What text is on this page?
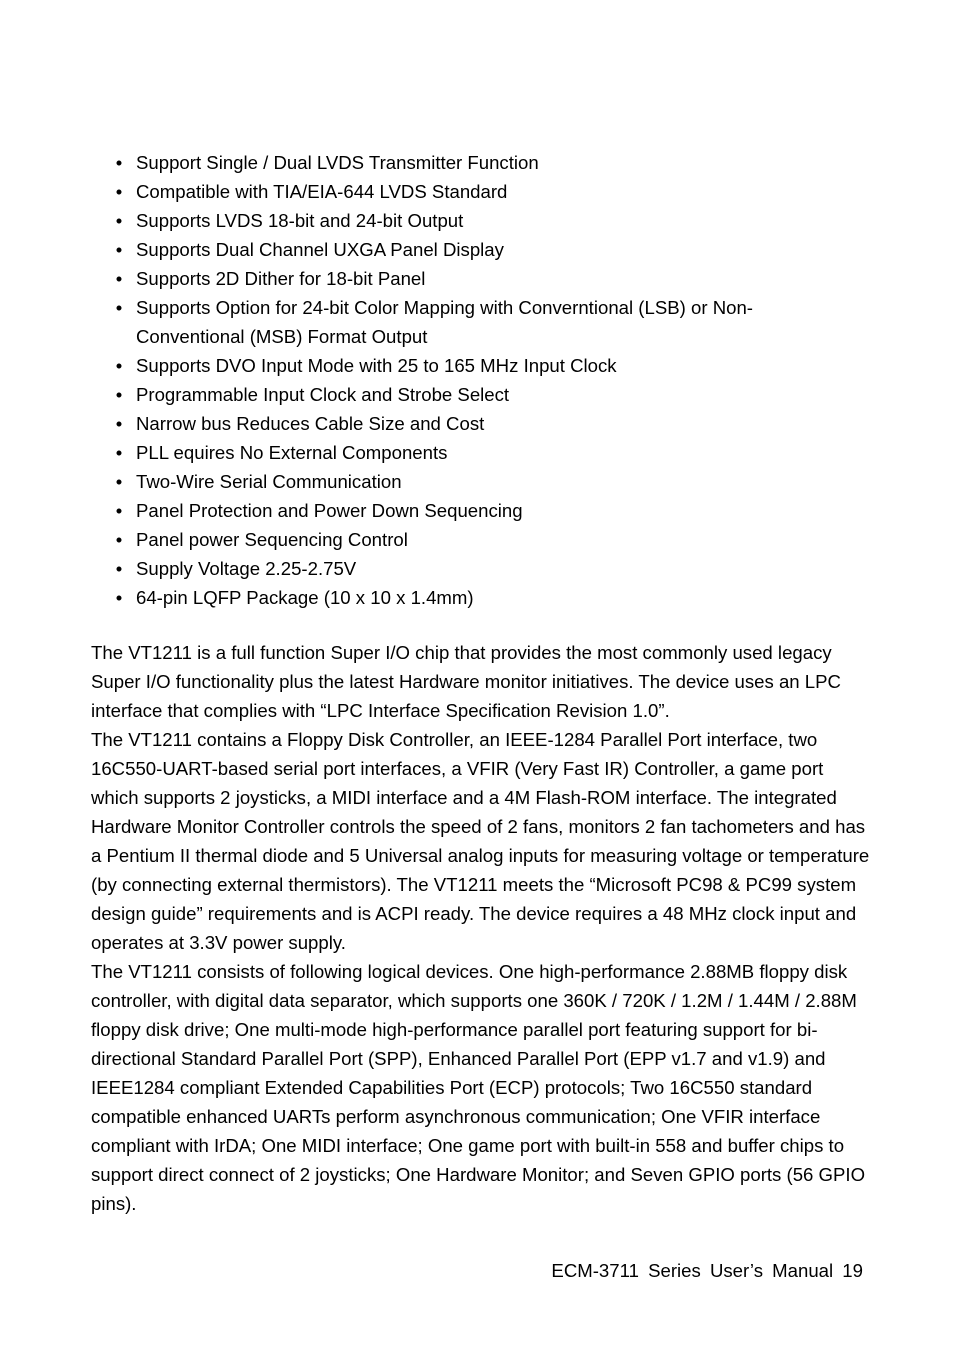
• Support Single / Dual LVDS Transmitter Function
• Compatible with TIA/EIA-644 LVDS Standard
• Supports LVDS 18-bit and 24-bit Output
• Supports Dual Channel UXGA Panel Display
• Supports 2D Dither for 18-bit Panel
• Supports Option for 24-bit Color Mapping with Converntional (LSB) or Non-Conventional (MSB) Format Output
• Supports DVO Input Mode with 25 to 165 MHz Input Clock
• Programmable Input Clock and Strobe Select
• Narrow bus Reduces Cable Size and Cost
• PLL equires No External Components
• Two-Wire Serial Communication
• Panel Protection and Power Down Sequencing
• Panel power Sequencing Control
• Supply Voltage 2.25-2.75V
• 64-pin LQFP Package (10 x 10 x 1.4mm)

The VT1211 is a full function Super I/O chip that provides the most commonly used legacy Super I/O functionality plus the latest Hardware monitor initiatives. The device uses an LPC interface that complies with “LPC Interface Specification Revision 1.0”.

The VT1211 contains a Floppy Disk Controller, an IEEE-1284 Parallel Port interface, two 16C550-UART-based serial port interfaces, a VFIR (Very Fast IR) Controller, a game port which supports 2 joysticks, a MIDI interface and a 4M Flash-ROM interface. The integrated Hardware Monitor Controller controls the speed of 2 fans, monitors 2 fan tachometers and has a Pentium II thermal diode and 5 Universal analog inputs for measuring voltage or temperature (by connecting external thermistors). The VT1211 meets the “Microsoft PC98 & PC99 system design guide” requirements and is ACPI ready. The device requires a 48 MHz clock input and operates at 3.3V power supply.

The VT1211 consists of following logical devices. One high-performance 2.88MB floppy disk controller, with digital data separator, which supports one 360K / 720K / 1.2M / 1.44M / 2.88M floppy disk drive; One multi-mode high-performance parallel port featuring support for bi-directional Standard Parallel Port (SPP), Enhanced Parallel Port (EPP v1.7 and v1.9) and IEEE1284 compliant Extended Capabilities Port (ECP) protocols; Two 16C550 standard compatible enhanced UARTs perform asynchronous communication; One VFIR interface compliant with IrDA; One MIDI interface; One game port with built-in 558 and buffer chips to support direct connect of 2 joysticks; One Hardware Monitor; and Seven GPIO ports (56 GPIO pins).

ECM-3711 Series User’s Manual 19
